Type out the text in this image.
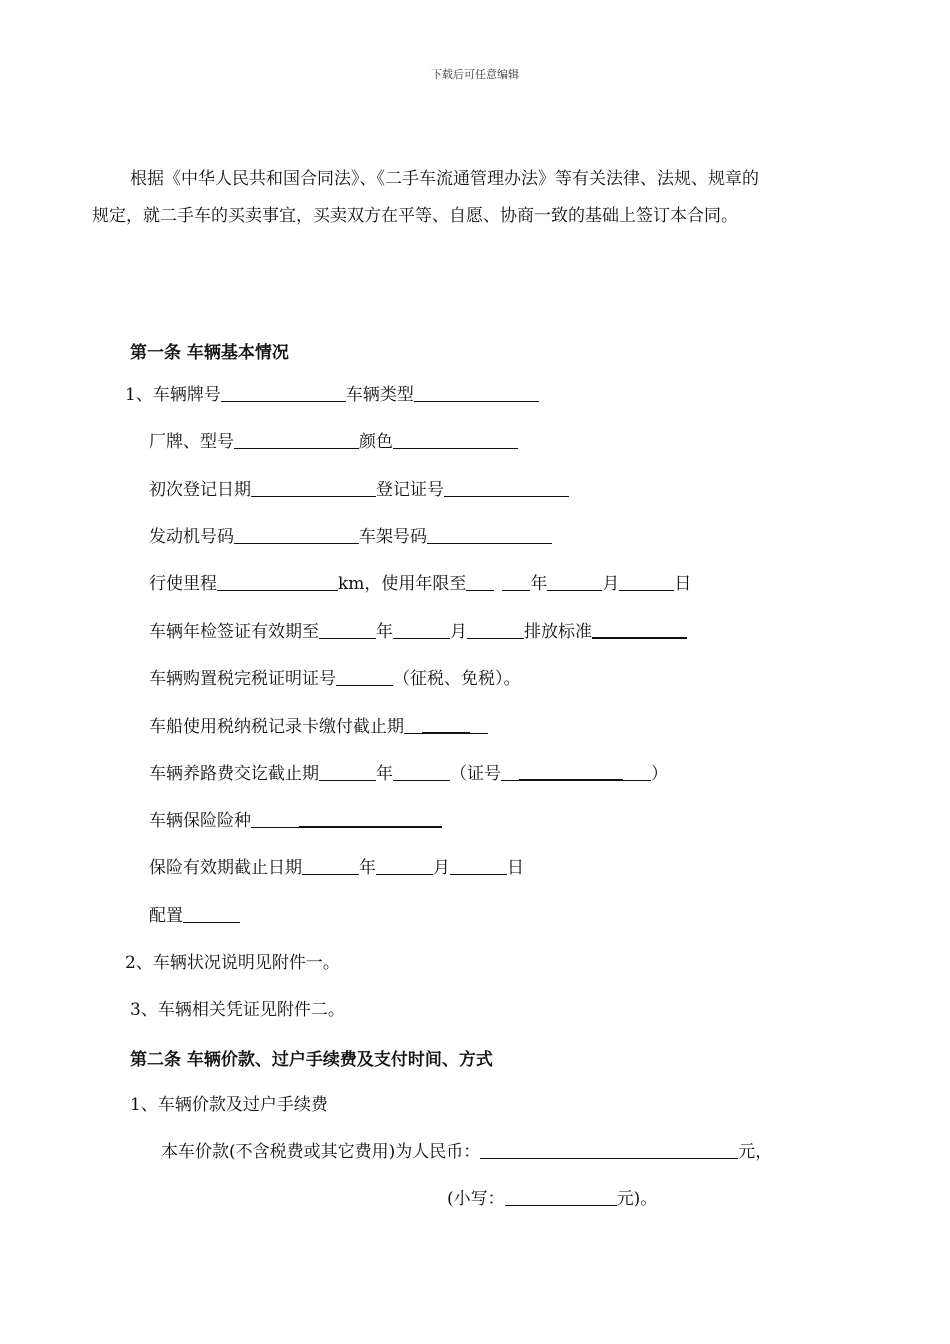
下载后可任意编辑
根据《中华人民共和国合同法》、《二手车流通管理办法》等有关法律、法规、规章的
规定，就二手车的买卖事宜，买卖双方在平等、自愿、协商一致的基础上签订本合同。
第一条 车辆基本情况
1、车辆牌号	车辆类型
厂牌、型号	颜色
初次登记日期	登记证号
发动机号码	车架号码
行使里程	km，使用年限至	年	月	日
车辆年检签证有效期至	年	月	排放标准
车辆购置税完税证明证号	（征税、免税）。
车船使用税纳税记录卡缴付截止期
车辆养路费交讫截止期	年	（证号	）
车辆保险险种
保险有效期截止日期	年	月	日
配置
2、车辆状况说明见附件一。
3、车辆相关凭证见附件二。
第二条 车辆价款、过户手续费及支付时间、方式
1、车辆价款及过户手续费
本车价款(不含税费或其它费用)为人民币：	元，
(小写：	元)。
